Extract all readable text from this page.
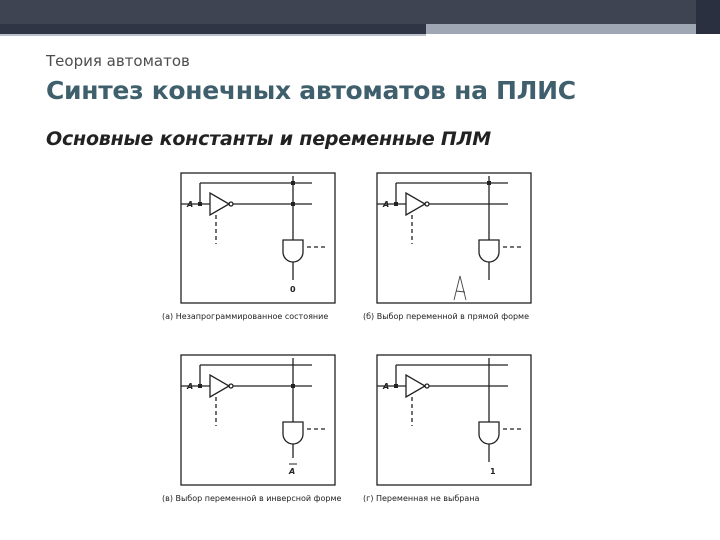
Теория автоматов
Синтез конечных автоматов на ПЛИС
Основные константы и переменные ПЛМ
A	A
A	A
0
A	1
(а) Незапрограммированное состояние	(б) Выбор переменной в прямой форме
(в) Выбор переменной в инверсной форме	(г) Переменная не выбрана
